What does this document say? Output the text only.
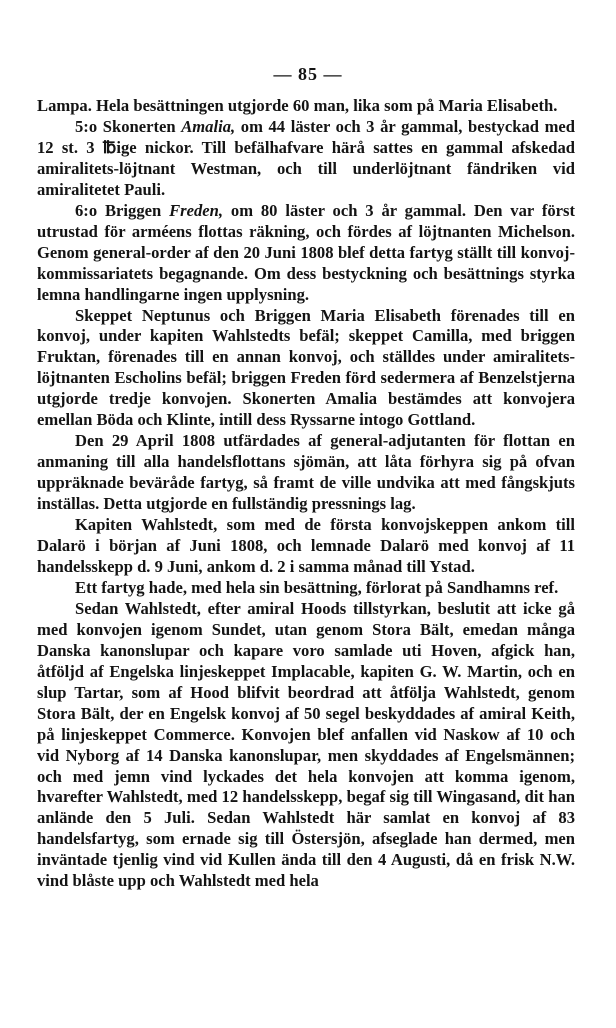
— 85 —

Lampa. Hela besättningen utgjorde 60 man, lika som på Maria Elisabeth.

5:o Skonerten Amalia, om 44 läster och 3 år gammal, bestyckad med 12 st. 3 ℔ige nickor. Till befälhafvare härå sattes en gammal afskedad amiralitets-löjtnant Westman, och till underlöjtnant fändriken vid amiralitetet Pauli.

6:o Briggen Freden, om 80 läster och 3 år gammal. Den var först utrustad för arméens flottas räkning, och fördes af löjtnanten Michelson. Genom general-order af den 20 Juni 1808 blef detta fartyg ställt till konvoj-kommissariatets begagnande. Om dess bestyckning och besättnings styrka lemna handlingarne ingen upplysning.

Skeppet Neptunus och Briggen Maria Elisabeth förenades till en konvoj, under kapiten Wahlstedts befäl; skeppet Camilla, med briggen Fruktan, förenades till en annan konvoj, och ställdes under amiralitets-löjtnanten Escholins befäl; briggen Freden förd sedermera af Benzelstjerna utgjorde tredje konvojen. Skonerten Amalia bestämdes att konvojera emellan Böda och Klinte, intill dess Ryssarne intogo Gottland.

Den 29 April 1808 utfärdades af general-adjutanten för flottan en anmaning till alla handelsflottans sjömän, att låta förhyra sig på ofvan uppräknade beväråde fartyg, så framt de ville undvika att med fångskjuts inställas. Detta utgjorde en fullständig pressnings lag.

Kapiten Wahlstedt, som med de första konvojskeppen ankom till Dalarö i början af Juni 1808, och lemnade Dalarö med konvoj af 11 handelsskepp d. 9 Juni, ankom d. 2 i samma månad till Ystad.

Ett fartyg hade, med hela sin besättning, förlorat på Sandhamns ref.

Sedan Wahlstedt, efter amiral Hoods tillstyrkan, beslutit att icke gå med konvojen igenom Sundet, utan genom Stora Bält, emedan många Danska kanonslupar och kapare voro samlade uti Hoven, afgick han, åtföljd af Engelska linjeskeppet Implacable, kapiten G. W. Martin, och en slup Tartar, som af Hood blifvit beordrad att åtfölja Wahlstedt, genom Stora Bält, der en Engelsk konvoj af 50 segel beskyddades af amiral Keith, på linjeskeppet Commerce. Konvojen blef anfallen vid Naskow af 10 och vid Nyborg af 14 Danska kanonslupar, men skyddades af Engelsmännen; och med jemn vind lyckades det hela konvojen att komma igenom, hvarefter Wahlstedt, med 12 handelsskepp, begaf sig till Wingasand, dit han anlände den 5 Juli. Sedan Wahlstedt här samlat en konvoj af 83 handelsfartyg, som ernade sig till Östersjön, afseglade han dermed, men inväntade tjenlig vind vid Kullen ända till den 4 Augusti, då en frisk N.W. vind blåste upp och Wahlstedt med hela
